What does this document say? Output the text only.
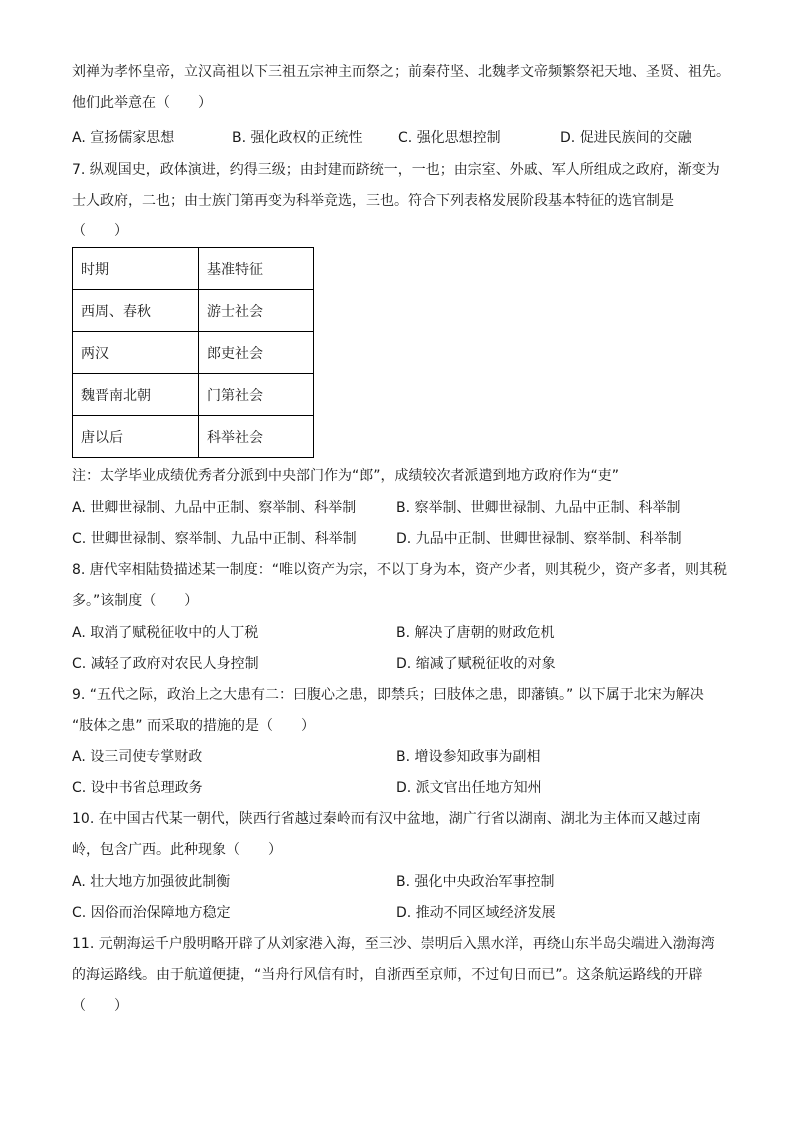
刘禅为孝怀皇帝，立汉高祖以下三祖五宗神主而祭之；前秦苻坚、北魏孝文帝频繁祭祀天地、圣贤、祖先。
他们此举意在（　　）
A. 宣扬儒家思想	B. 强化政权的正统性	C. 强化思想控制	D. 促进民族间的交融
7. 纵观国史，政体演进，约得三级；由封建而跻统一，一也；由宗室、外戚、军人所组成之政府，渐变为
士人政府，二也；由士族门第再变为科举竞选，三也。符合下列表格发展阶段基本特征的选官制是
（　　）
时期	基准特征
西周、春秋	游士社会
两汉	郎吏社会
魏晋南北朝	门第社会
唐以后	科举社会
注：太学毕业成绩优秀者分派到中央部门作为“郎”，成绩较次者派遣到地方政府作为“吏”
A. 世卿世禄制、九品中正制、察举制、科举制	B. 察举制、世卿世禄制、九品中正制、科举制
C. 世卿世禄制、察举制、九品中正制、科举制	D. 九品中正制、世卿世禄制、察举制、科举制
8. 唐代宰相陆贽描述某一制度：“唯以资产为宗，不以丁身为本，资产少者，则其税少，资产多者，则其税
多。”该制度（　　）
A. 取消了赋税征收中的人丁税	B. 解决了唐朝的财政危机
C. 减轻了政府对农民人身控制	D. 缩减了赋税征收的对象
9. “五代之际，政治上之大患有二：曰腹心之患，即禁兵；曰肢体之患，即藩镇。” 以下属于北宋为解决
“肢体之患” 而采取的措施的是（　　）
A. 设三司使专掌财政	B. 增设参知政事为副相
C. 设中书省总理政务	D. 派文官出任地方知州
10. 在中国古代某一朝代，陕西行省越过秦岭而有汉中盆地，湖广行省以湖南、湖北为主体而又越过南
岭，包含广西。此种现象（　　）
A. 壮大地方加强彼此制衡	B. 强化中央政治军事控制
C. 因俗而治保障地方稳定	D. 推动不同区域经济发展
11. 元朝海运千户殷明略开辟了从刘家港入海，至三沙、崇明后入黑水洋，再绕山东半岛尖端进入渤海湾
的海运路线。由于航道便捷，“当舟行风信有时，自浙西至京师，不过旬日而已”。这条航运路线的开辟
（　　）
